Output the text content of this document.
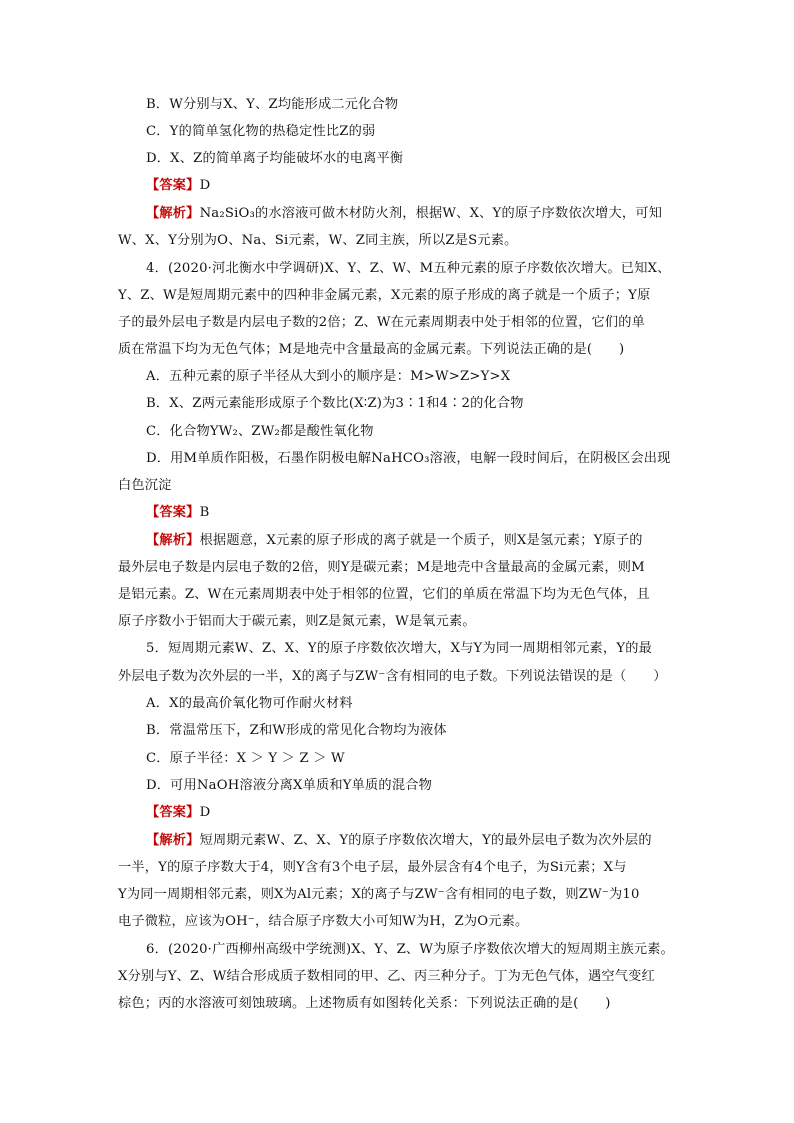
B．W分别与X、Y、Z均能形成二元化合物
C．Y的简单氢化物的热稳定性比Z的弱
D．X、Z的简单离子均能破坏水的电离平衡
【答案】D
【解析】Na₂SiO₃的水溶液可做木材防火剂，根据W、X、Y的原子序数依次增大，可知
W、X、Y分别为O、Na、Si元素，W、Z同主族，所以Z是S元素。
4．(2020·河北衡水中学调研)X、Y、Z、W、M五种元素的原子序数依次增大。已知X、
Y、Z、W是短周期元素中的四种非金属元素，X元素的原子形成的离子就是一个质子；Y原
子的最外层电子数是内层电子数的2倍；Z、W在元素周期表中处于相邻的位置，它们的单
质在常温下均为无色气体；M是地壳中含量最高的金属元素。下列说法正确的是(　　)
A．五种元素的原子半径从大到小的顺序是：M>W>Z>Y>X
B．X、Z两元素能形成原子个数比(X∶Z)为3∶1和4∶2的化合物
C．化合物YW₂、ZW₂都是酸性氧化物
D．用M单质作阳极，石墨作阴极电解NaHCO₃溶液，电解一段时间后，在阴极区会出现
白色沉淀
【答案】B
【解析】根据题意，X元素的原子形成的离子就是一个质子，则X是氢元素；Y原子的
最外层电子数是内层电子数的2倍，则Y是碳元素；M是地壳中含量最高的金属元素，则M
是铝元素。Z、W在元素周期表中处于相邻的位置，它们的单质在常温下均为无色气体，且
原子序数小于铝而大于碳元素，则Z是氮元素，W是氧元素。
5．短周期元素W、Z、X、Y的原子序数依次增大，X与Y为同一周期相邻元素，Y的最
外层电子数为次外层的一半，X的离子与ZW⁻含有相同的电子数。下列说法错误的是（　　）
A．X的最高价氧化物可作耐火材料
B．常温常压下，Z和W形成的常见化合物均为液体
C．原子半径：X ＞ Y ＞ Z ＞ W
D．可用NaOH溶液分离X单质和Y单质的混合物
【答案】D
【解析】短周期元素W、Z、X、Y的原子序数依次增大，Y的最外层电子数为次外层的
一半，Y的原子序数大于4，则Y含有3个电子层，最外层含有4个电子，为Si元素；X与
Y为同一周期相邻元素，则X为Al元素；X的离子与ZW⁻含有相同的电子数，则ZW⁻为10
电子微粒，应该为OH⁻，结合原子序数大小可知W为H，Z为O元素。
6．(2020·广西柳州高级中学统测)X、Y、Z、W为原子序数依次增大的短周期主族元素。
X分别与Y、Z、W结合形成质子数相同的甲、乙、丙三种分子。丁为无色气体，遇空气变红
棕色；丙的水溶液可刻蚀玻璃。上述物质有如图转化关系：下列说法正确的是(　　)
